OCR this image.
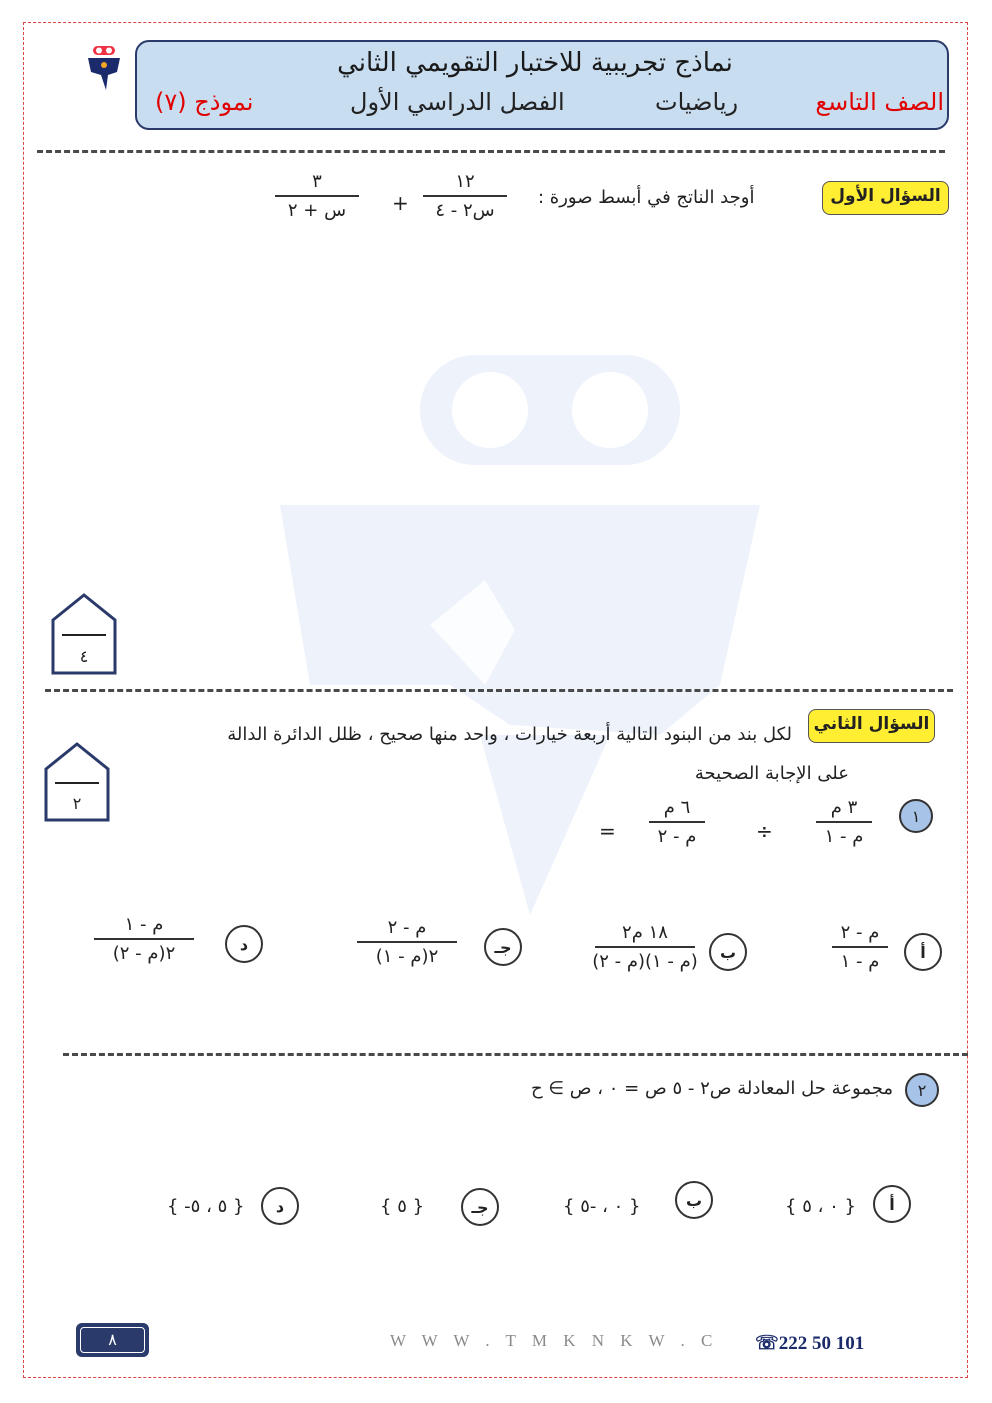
نماذج تجريبية للاختبار التقويمي الثاني
الصف التاسع
رياضيات
الفصل الدراسي الأول
نموذج (٧)
السؤال الأول
أوجد الناتج في أبسط صورة :
١٢
س٢ - ٤
+
٣
س + ٢
٤
السؤال الثاني
لكل بند من البنود التالية أربعة خيارات ، واحد منها صحيح ، ظلل الدائرة الدالة
على الإجابة الصحيحة
٢
١
٣ م
م - ١
÷
٦ م
م - ٢
=
أ
م - ٢
م - ١
ب
١٨ م٢
(م - ١)(م - ٢)
جـ
م - ٢
٢(م - ١)
د
م - ١
٢(م - ٢)
٢
مجموعة حل المعادلة ص٢ - ٥ ص = ٠ ، ص ∋ ح
أ
{ ٠ ، ٥ }
ب
{ ٠ ، -٥ }
جـ
{ ٥ }
د
{ -٥ ، ٥ }
٨	W W W . T M K N K W . C ☏222 50 101
